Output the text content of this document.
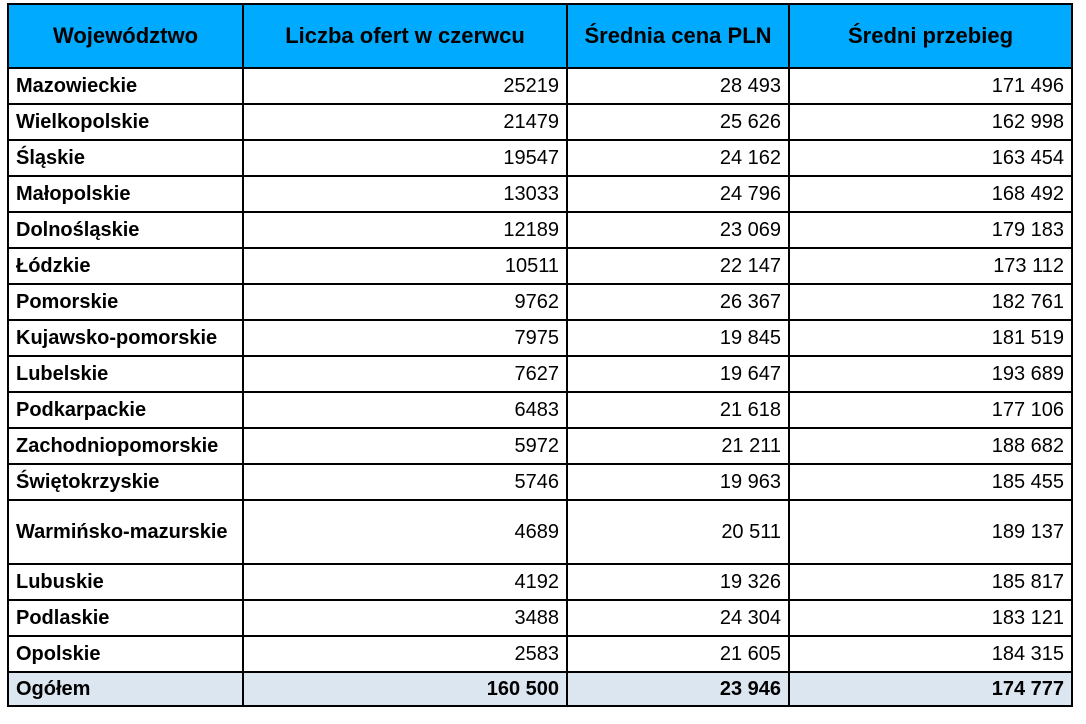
Województwo	Liczba ofert w czerwcu	Średnia cena PLN	Średni przebieg
Mazowieckie	25219	28 493	171 496
Wielkopolskie	21479	25 626	162 998
Śląskie	19547	24 162	163 454
Małopolskie	13033	24 796	168 492
Dolnośląskie	12189	23 069	179 183
Łódzkie	10511	22 147	173 112
Pomorskie	9762	26 367	182 761
Kujawsko-pomorskie	7975	19 845	181 519
Lubelskie	7627	19 647	193 689
Podkarpackie	6483	21 618	177 106
Zachodniopomorskie	5972	21 211	188 682
Świętokrzyskie	5746	19 963	185 455
Warmińsko-mazurskie	4689	20 511	189 137
Lubuskie	4192	19 326	185 817
Podlaskie	3488	24 304	183 121
Opolskie	2583	21 605	184 315
Ogółem	160 500	23 946	174 777
